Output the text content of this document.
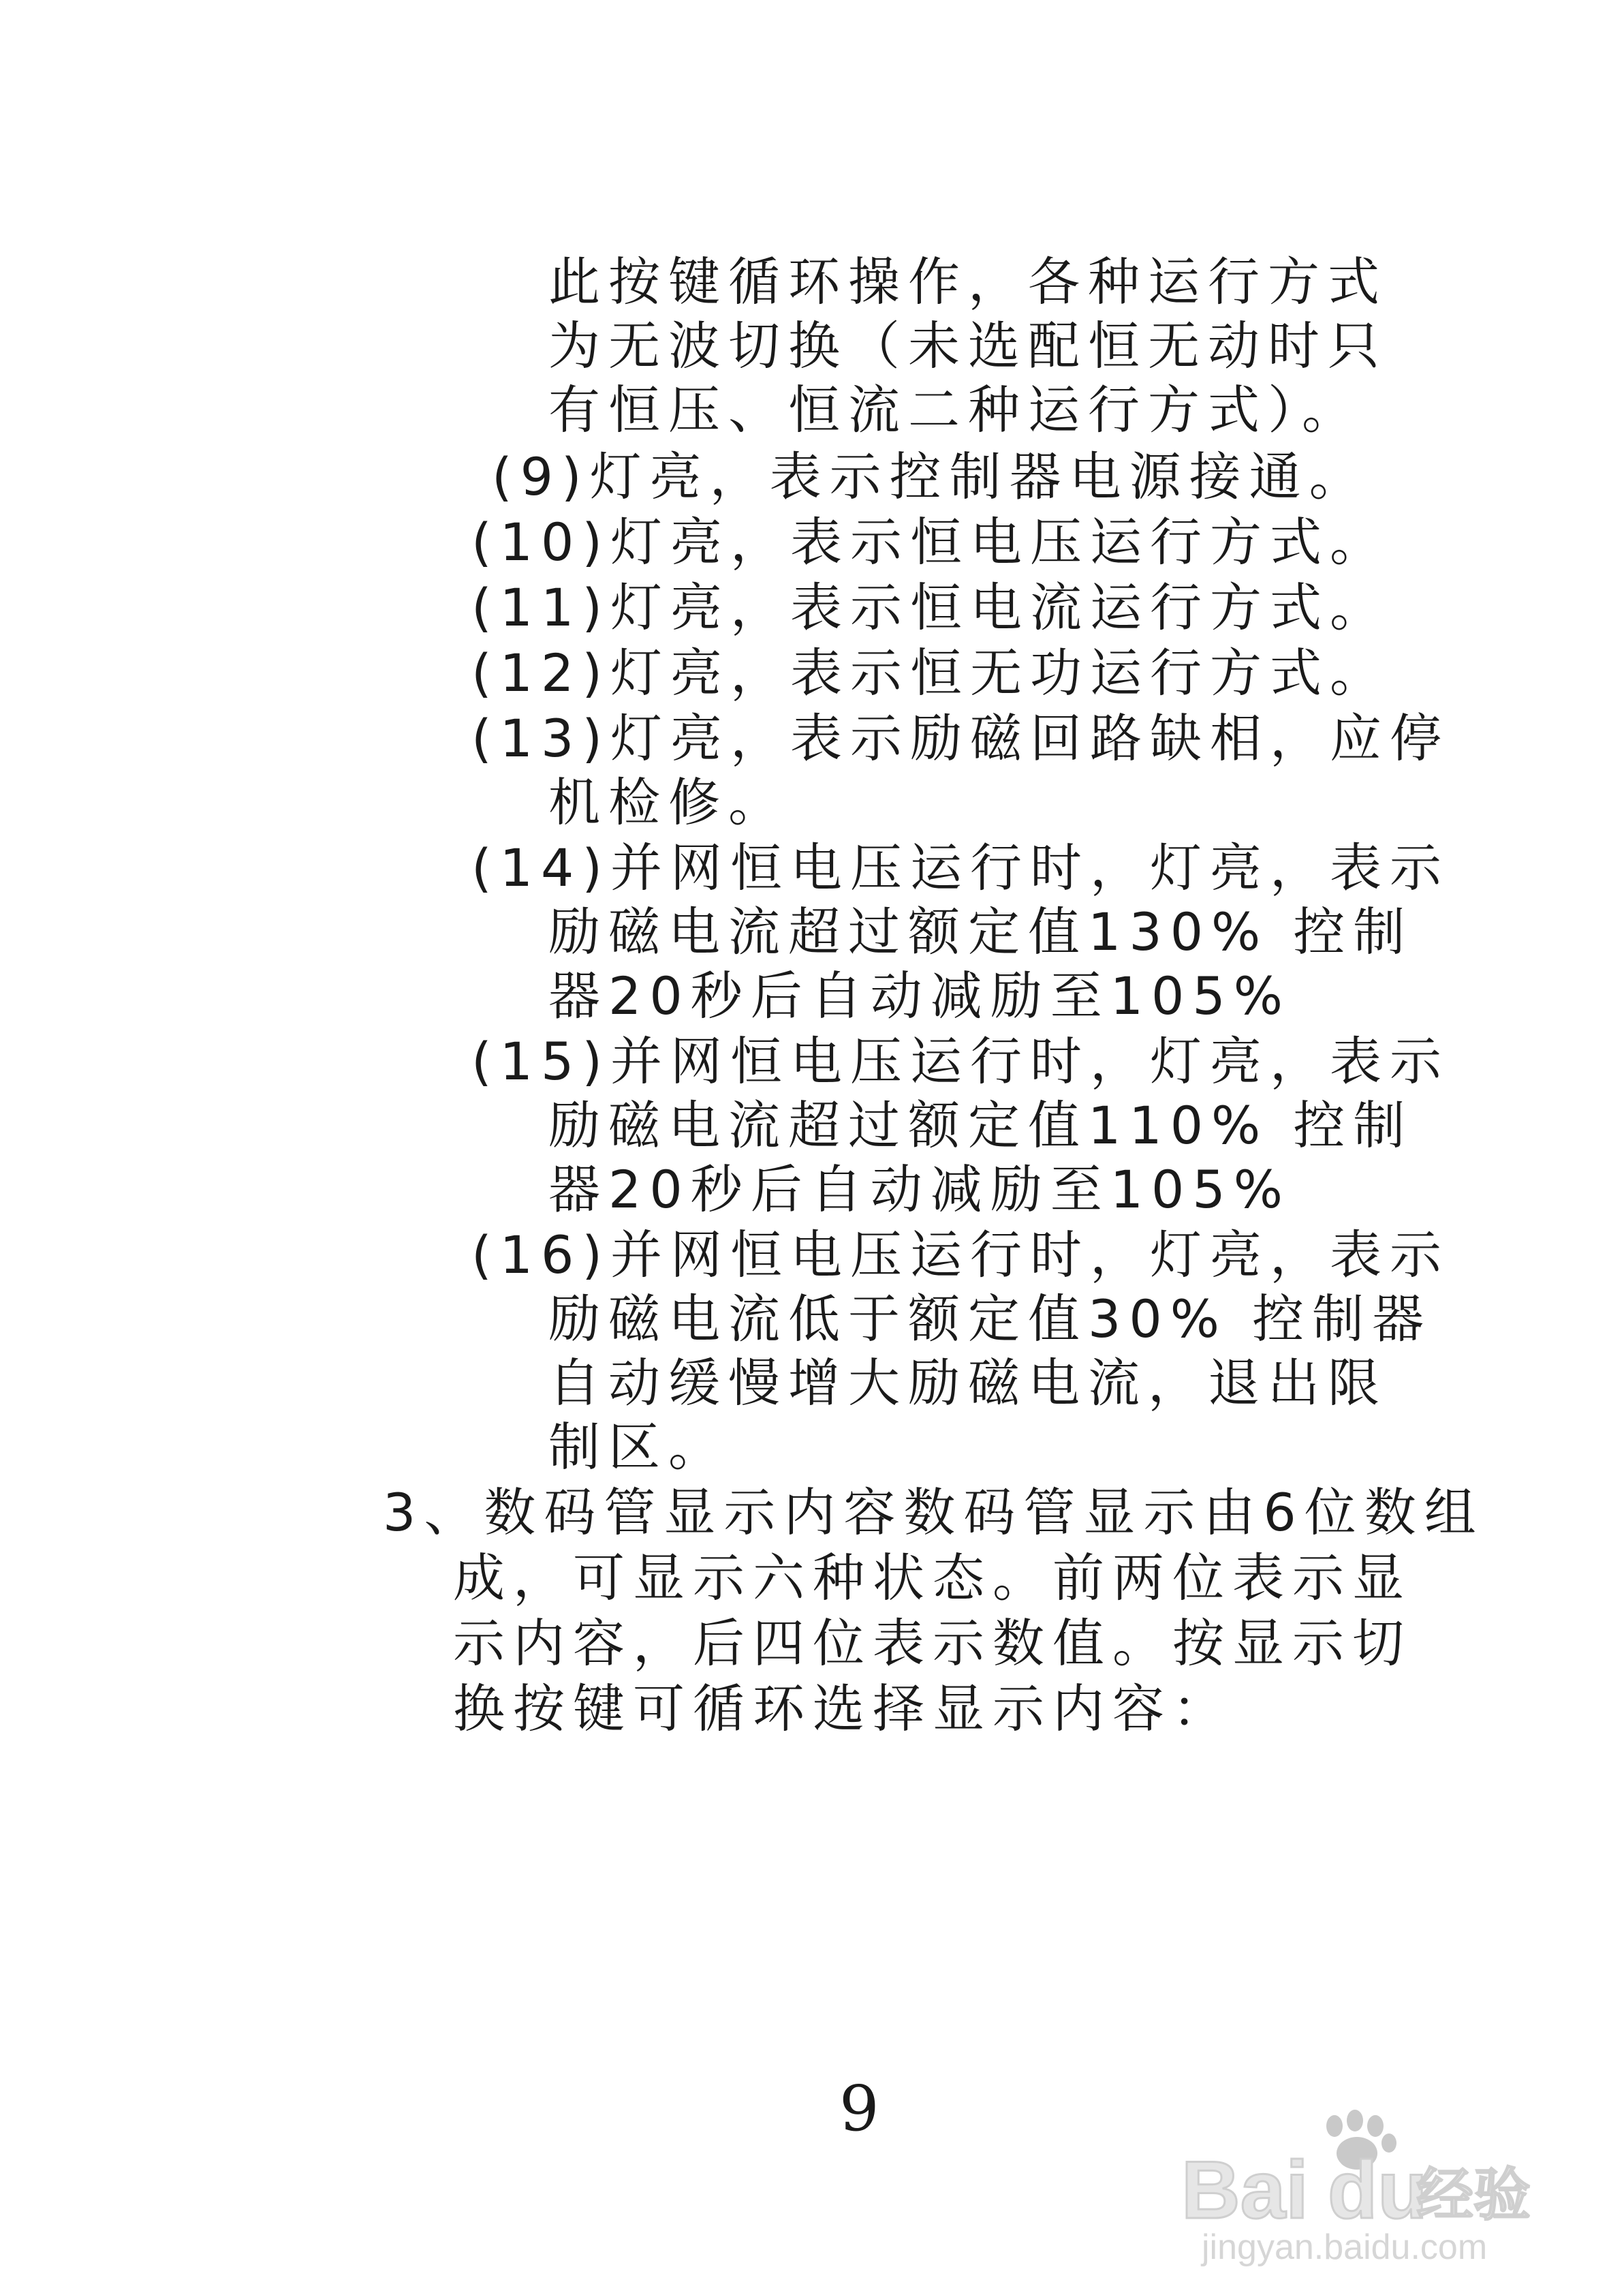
此按键循环操作，各种运行方式
为无波切换（未选配恒无动时只
有恒压、恒流二种运行方式）。
(9)灯亮，表示控制器电源接通。
(10)灯亮，表示恒电压运行方式。
(11)灯亮，表示恒电流运行方式。
(12)灯亮，表示恒无功运行方式。
(13)灯亮，表示励磁回路缺相，应停
机检修。
(14)并网恒电压运行时，灯亮，表示
励磁电流超过额定值130% 控制
器20秒后自动减励至105%
(15)并网恒电压运行时，灯亮，表示
励磁电流超过额定值110% 控制
器20秒后自动减励至105%
(16)并网恒电压运行时，灯亮，表示
励磁电流低于额定值30% 控制器
自动缓慢增大励磁电流，退出限
制区。
3、数码管显示内容数码管显示由6位数组
成，可显示六种状态。前两位表示显
示内容，后四位表示数值。按显示切
换按键可循环选择显示内容：
9
Bai du
经验
jingyan.baidu.com
